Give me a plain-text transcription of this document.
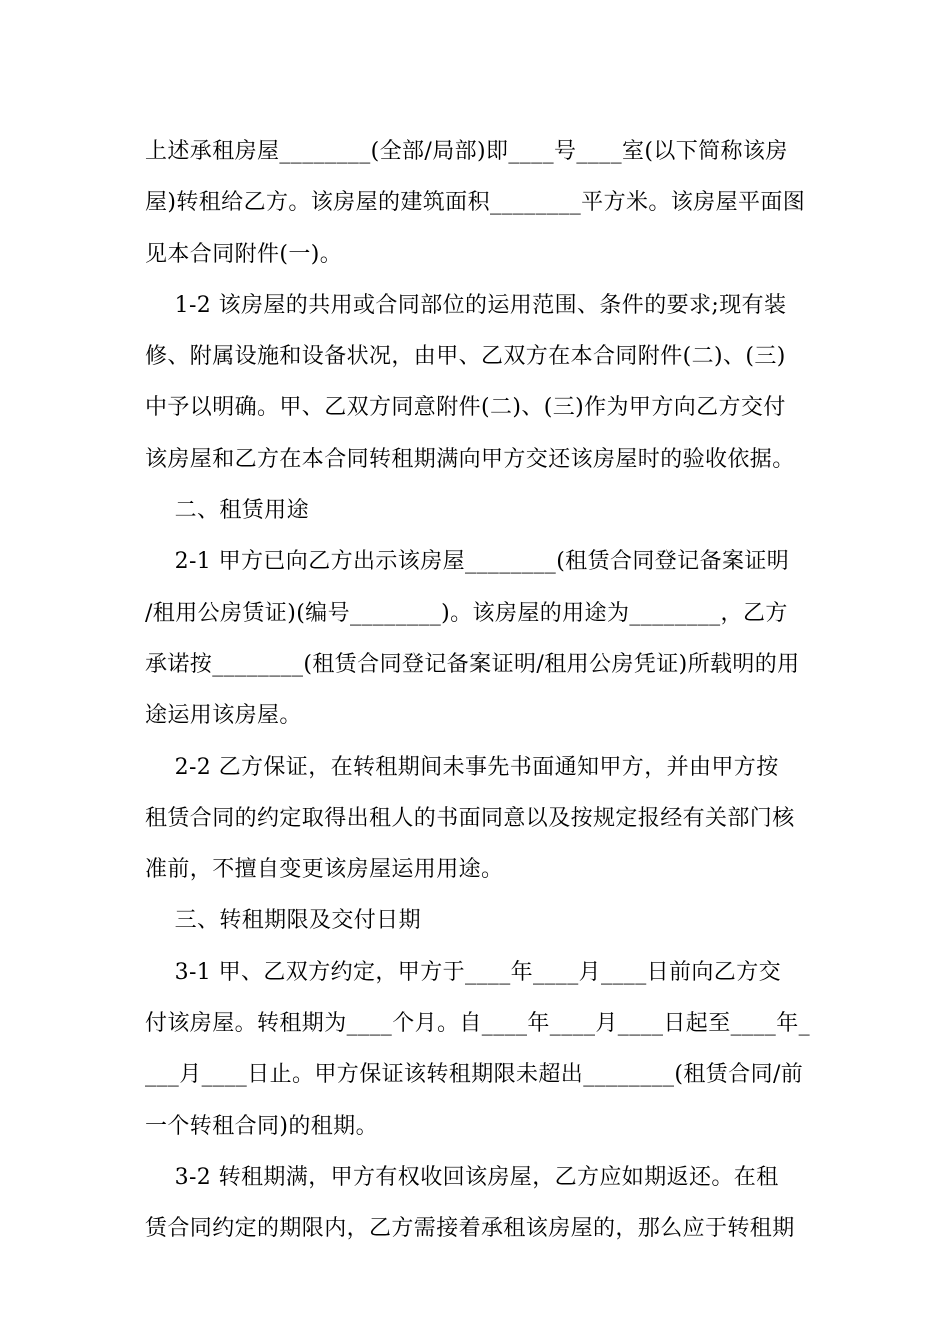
上述承租房屋________(全部/局部)即____号____室(以下简称该房
屋)转租给乙方。该房屋的建筑面积________平方米。该房屋平面图
见本合同附件(一)。
1-2 该房屋的共用或合同部位的运用范围、条件的要求;现有装
修、附属设施和设备状况，由甲、乙双方在本合同附件(二)、(三)
中予以明确。甲、乙双方同意附件(二)、(三)作为甲方向乙方交付
该房屋和乙方在本合同转租期满向甲方交还该房屋时的验收依据。
二、租赁用途
2-1 甲方已向乙方出示该房屋________(租赁合同登记备案证明
/租用公房赁证)(编号________)。该房屋的用途为________，乙方
承诺按________(租赁合同登记备案证明/租用公房凭证)所载明的用
途运用该房屋。
2-2 乙方保证，在转租期间未事先书面通知甲方，并由甲方按
租赁合同的约定取得出租人的书面同意以及按规定报经有关部门核
准前，不擅自变更该房屋运用用途。
三、转租期限及交付日期
3-1 甲、乙双方约定，甲方于____年____月____日前向乙方交
付该房屋。转租期为____个月。自____年____月____日起至____年_
___月____日止。甲方保证该转租期限未超出________(租赁合同/前
一个转租合同)的租期。
3-2 转租期满，甲方有权收回该房屋，乙方应如期返还。在租
赁合同约定的期限内，乙方需接着承租该房屋的，那么应于转租期
